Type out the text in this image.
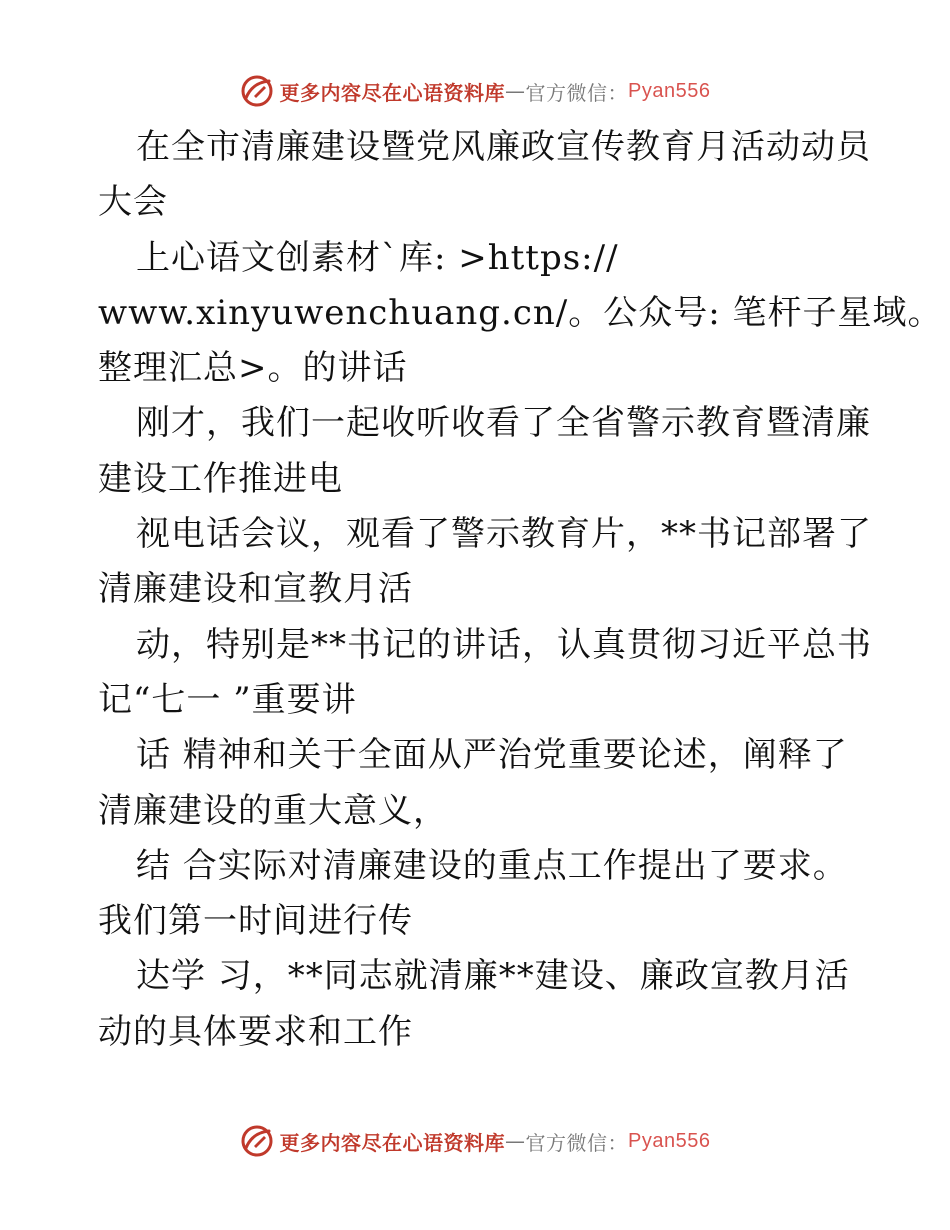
更多内容尽在心语资料库 — 官方微信： Pyan556
在全市清廉建设暨党风廉政宣传教育月活动动员
大会
上心语文创素材`库: >https://
www.xinyuwenchuang.cn/。公众号: 笔杆子星域。
整理汇总>。的讲话
刚才，我们一起收听收看了全省警示教育暨清廉
建设工作推进电
视电话会议，观看了警示教育片，**书记部署了
清廉建设和宣教月活
动，特别是**书记的讲话，认真贯彻习近平总书
记“七一 ”重要讲
话 精神和关于全面从严治党重要论述，阐释了
清廉建设的重大意义，
结 合实际对清廉建设的重点工作提出了要求。
我们第一时间进行传
达学 习，**同志就清廉**建设、廉政宣教月活
动的具体要求和工作
更多内容尽在心语资料库 — 官方微信： Pyan556
